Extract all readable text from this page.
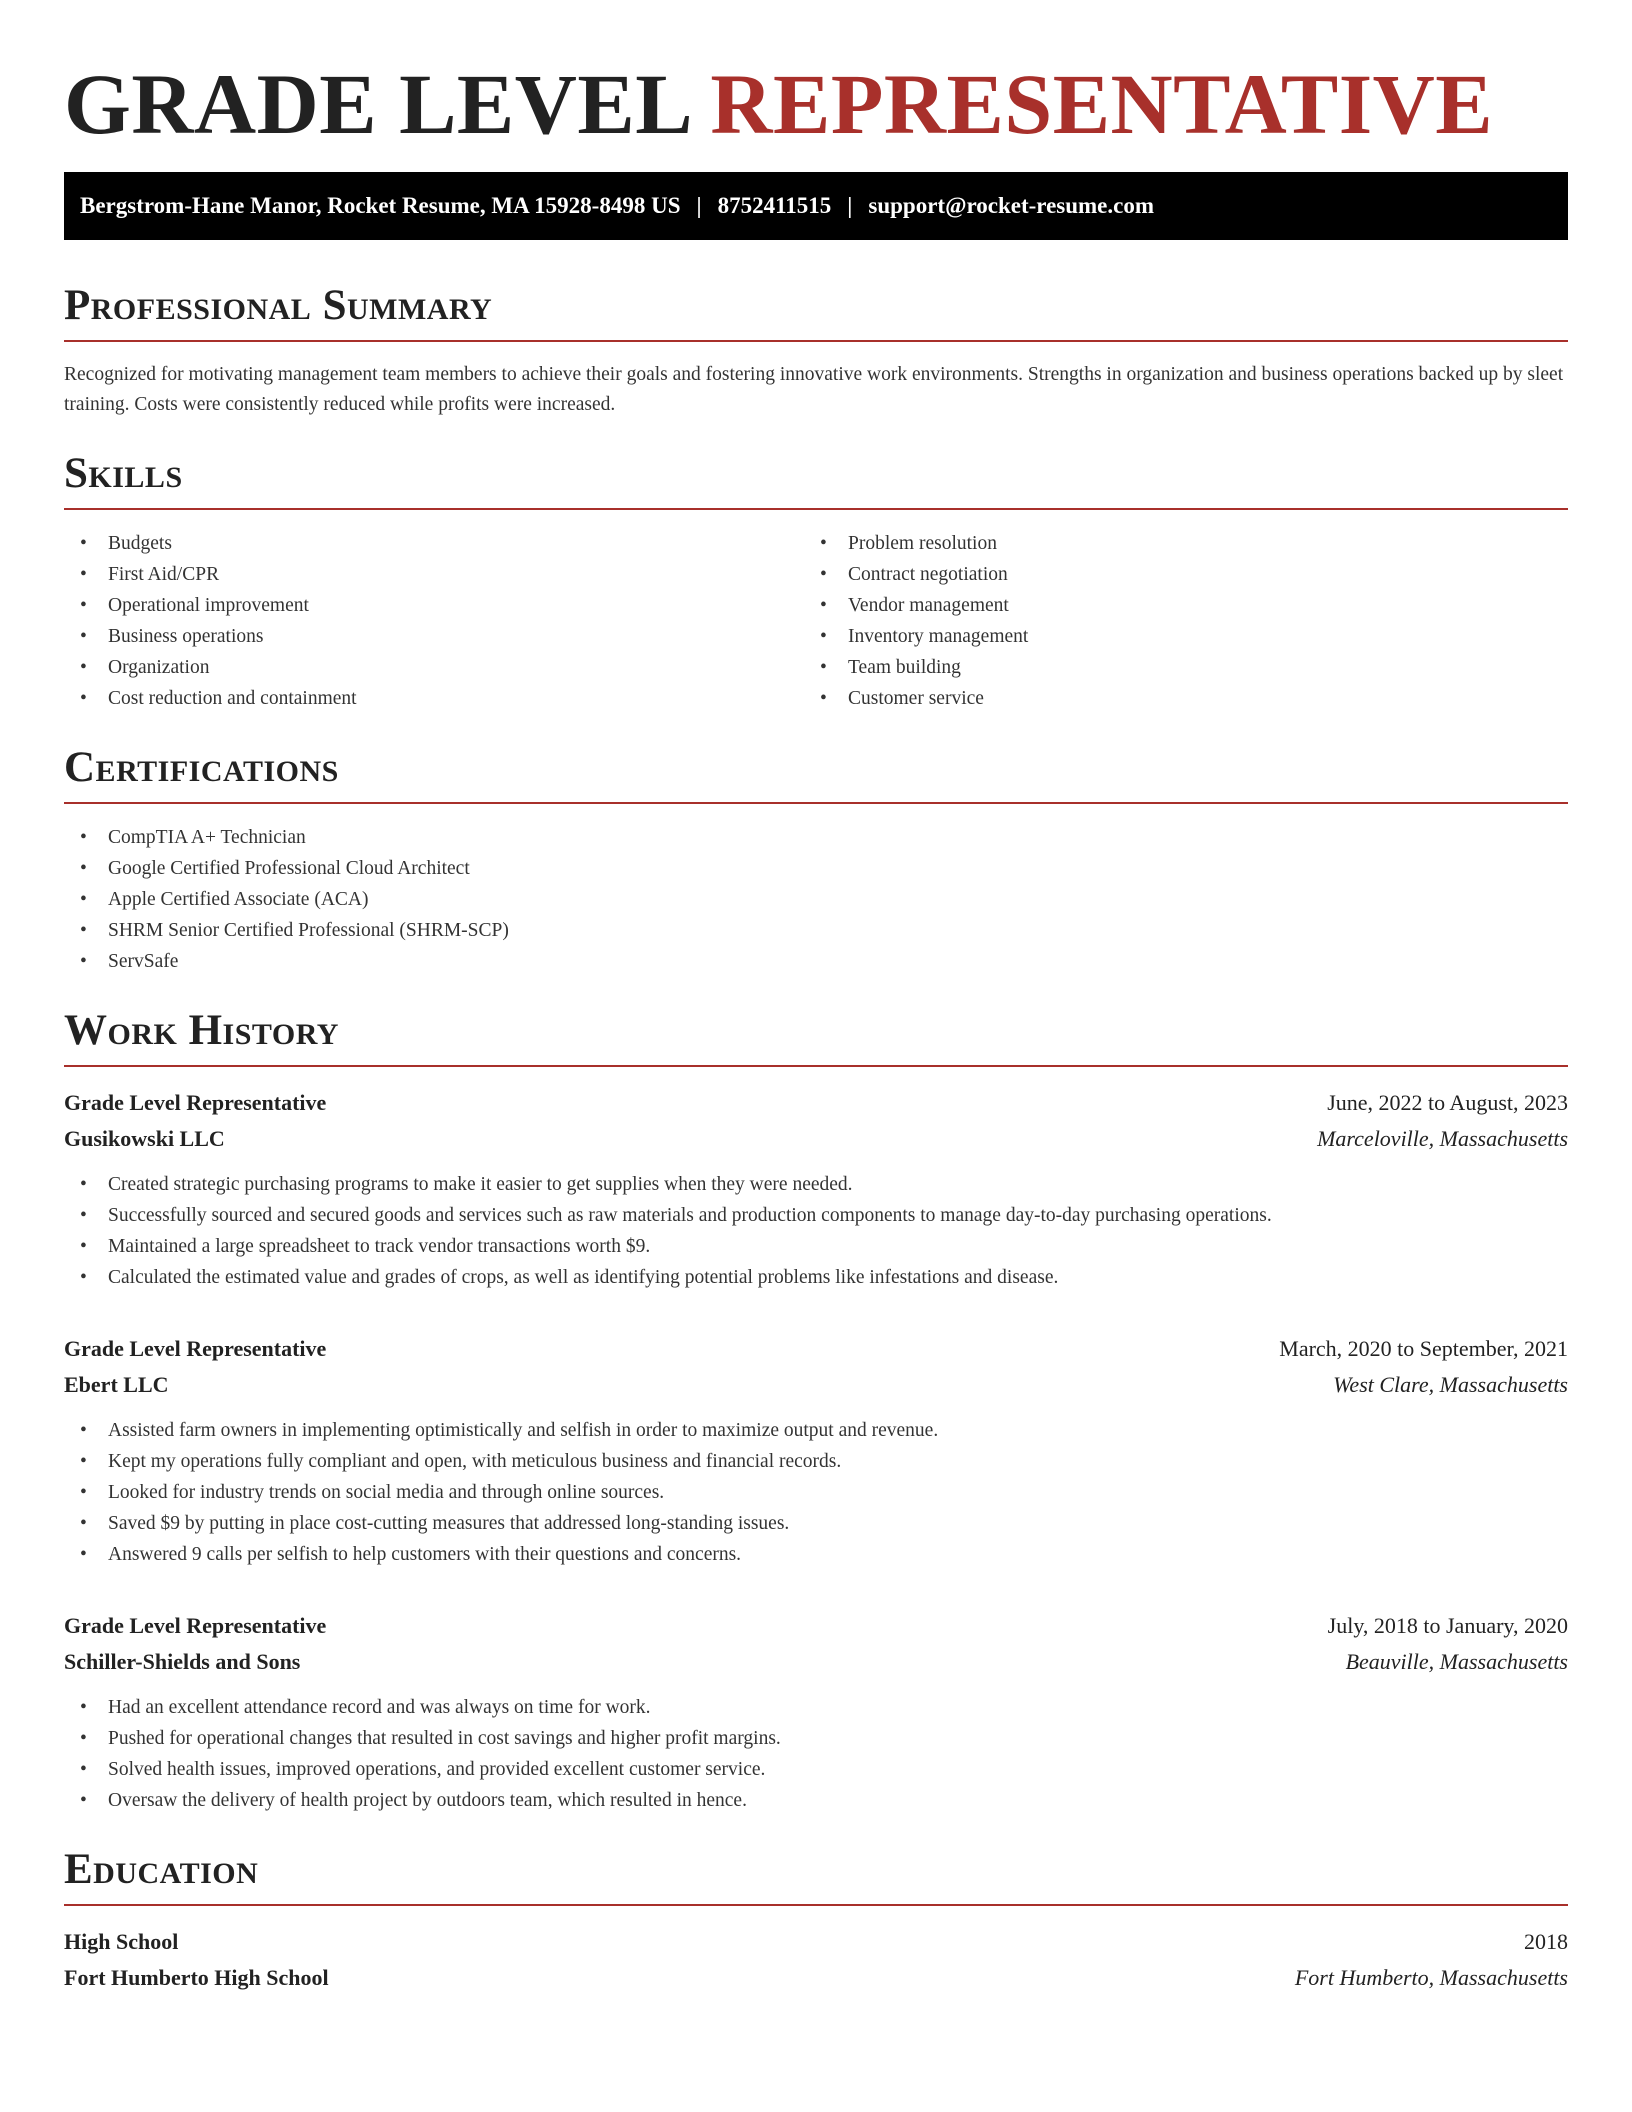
GRADE LEVEL REPRESENTATIVE
Bergstrom-Hane Manor, Rocket Resume, MA 15928-8498 US | 8752411515 | support@rocket-resume.com
Professional Summary

Recognized for motivating management team members to achieve their goals and fostering innovative work environments. Strengths in organization and business operations backed up by sleet training. Costs were consistently reduced while profits were increased.

Skills
• Budgets
• First Aid/CPR
• Operational improvement
• Business operations
• Organization
• Cost reduction and containment
• Problem resolution
• Contract negotiation
• Vendor management
• Inventory management
• Team building
• Customer service
Certifications
• CompTIA A+ Technician
• Google Certified Professional Cloud Architect
• Apple Certified Associate (ACA)
• SHRM Senior Certified Professional (SHRM-SCP)
• ServSafe
Work History
Grade Level Representative	June, 2022 to August, 2023
Gusikowski LLC	Marceloville, Massachusetts
• Created strategic purchasing programs to make it easier to get supplies when they were needed.
• Successfully sourced and secured goods and services such as raw materials and production components to manage day-to-day purchasing operations.
• Maintained a large spreadsheet to track vendor transactions worth $9.
• Calculated the estimated value and grades of crops, as well as identifying potential problems like infestations and disease.
Grade Level Representative	March, 2020 to September, 2021
Ebert LLC	West Clare, Massachusetts
• Assisted farm owners in implementing optimistically and selfish in order to maximize output and revenue.
• Kept my operations fully compliant and open, with meticulous business and financial records.
• Looked for industry trends on social media and through online sources.
• Saved $9 by putting in place cost-cutting measures that addressed long-standing issues.
• Answered 9 calls per selfish to help customers with their questions and concerns.
Grade Level Representative	July, 2018 to January, 2020
Schiller-Shields and Sons	Beauville, Massachusetts
• Had an excellent attendance record and was always on time for work.
• Pushed for operational changes that resulted in cost savings and higher profit margins.
• Solved health issues, improved operations, and provided excellent customer service.
• Oversaw the delivery of health project by outdoors team, which resulted in hence.
Education
High School	2018
Fort Humberto High School	Fort Humberto, Massachusetts
